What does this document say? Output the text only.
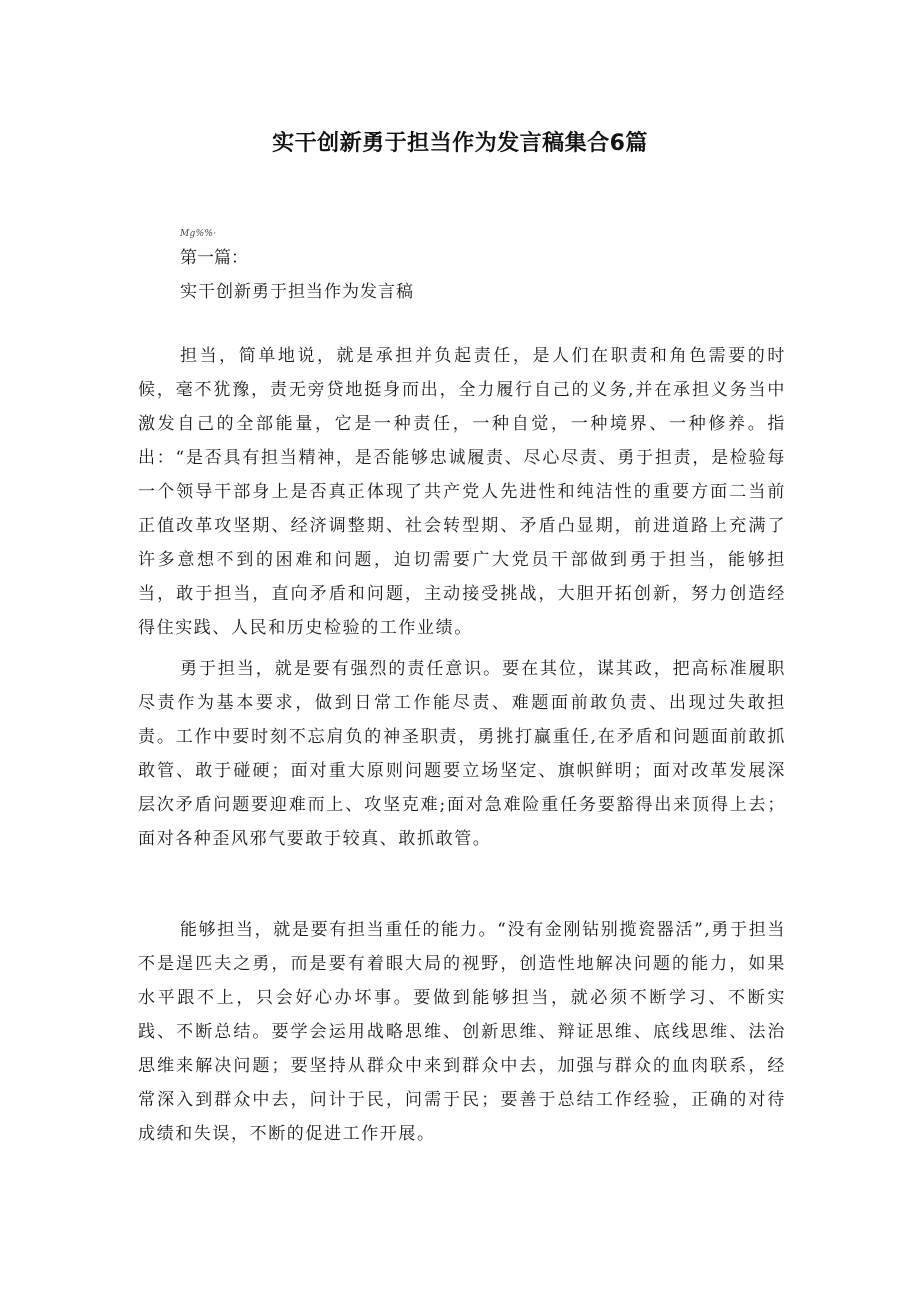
实干创新勇于担当作为发言稿集合6篇
Mg%%·

第一篇：

实干创新勇于担当作为发言稿

担当，简单地说，就是承担并负起责任，是人们在职责和角色需要的时候，毫不犹豫，责无旁贷地挺身而出，全力履行自己的义务,并在承担义务当中激发自己的全部能量，它是一种责任，一种自觉，一种境界、一种修养。指出：“是否具有担当精神，是否能够忠诚履责、尽心尽责、勇于担责，是检验每一个领导干部身上是否真正体现了共产党人先进性和纯洁性的重要方面二当前正值改革攻坚期、经济调整期、社会转型期、矛盾凸显期，前进道路上充满了许多意想不到的困难和问题，迫切需要广大党员干部做到勇于担当，能够担当，敢于担当，直向矛盾和问题，主动接受挑战，大胆开拓创新，努力创造经得住实践、人民和历史检验的工作业绩。

勇于担当，就是要有强烈的责任意识。要在其位，谋其政，把高标准履职尽责作为基本要求，做到日常工作能尽责、难题面前敢负责、出现过失敢担责。工作中要时刻不忘肩负的神圣职责，勇挑打赢重任,在矛盾和问题面前敢抓敢管、敢于碰硬；面对重大原则问题要立场坚定、旗帜鲜明；面对改革发展深层次矛盾问题要迎难而上、攻坚克难;面对急难险重任务要豁得出来顶得上去；面对各种歪风邪气要敢于较真、敢抓敢管。

能够担当，就是要有担当重任的能力。“没有金刚钻别揽瓷器活”,勇于担当不是逞匹夫之勇，而是要有着眼大局的视野，创造性地解决问题的能力，如果水平跟不上，只会好心办坏事。要做到能够担当，就必须不断学习、不断实践、不断总结。要学会运用战略思维、创新思维、辩证思维、底线思维、法治思维来解决问题；要坚持从群众中来到群众中去，加强与群众的血肉联系，经常深入到群众中去，问计于民，问需于民；要善于总结工作经验，正确的对待成绩和失误，不断的促进工作开展。
